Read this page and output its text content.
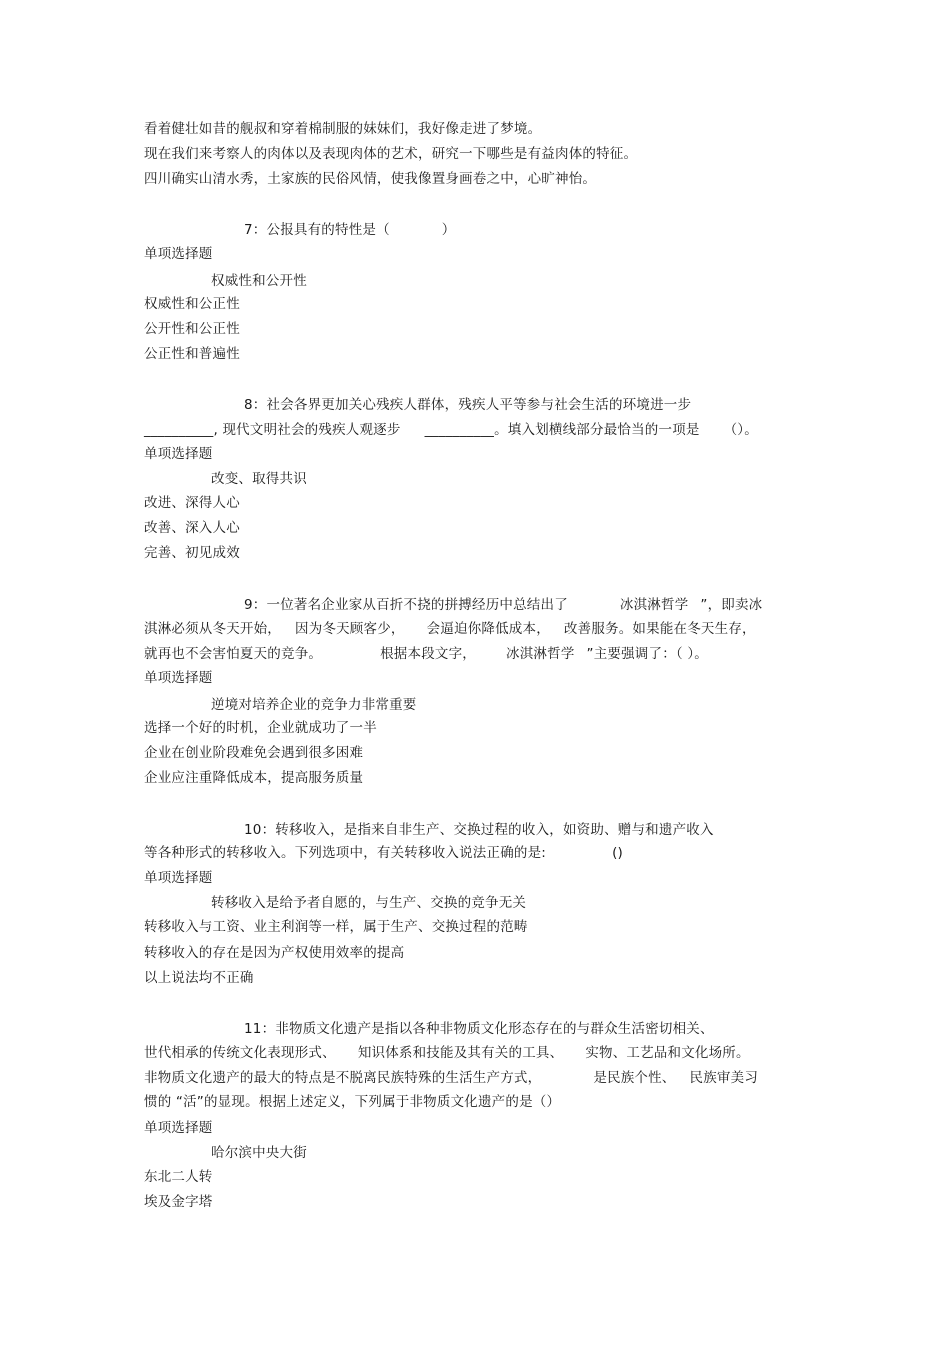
看着健壮如昔的舰叔和穿着棉制服的妹妹们，我好像走进了梦境。
现在我们来考察人的肉体以及表现肉体的艺术，研究一下哪些是有益肉体的特征。
四川确实山清水秀，土家族的民俗风情，使我像置身画卷之中，心旷神怡。
7：公报具有的特性是（	）
单项选择题
权威性和公开性
权威性和公正性
公开性和公正性
公正性和普遍性
8：社会各界更加关心残疾人群体，残疾人平等参与社会生活的环境进一步
__________, 现代文明社会的残疾人观逐步 __________。填入划横线部分最恰当的一项是 （）。
单项选择题
改变、取得共识
改进、深得人心
改善、深入人心
完善、初见成效
9：一位著名企业家从百折不挠的拼搏经历中总结出了	冰淇淋哲学 ”，即卖冰
淇淋必须从冬天开始， 因为冬天顾客少， 会逼迫你降低成本， 改善服务。如果能在冬天生存，
就再也不会害怕夏天的竞争。	根据本段文字， 冰淇淋哲学 ”主要强调了：（ ）。
单项选择题
逆境对培养企业的竞争力非常重要
选择一个好的时机，企业就成功了一半
企业在创业阶段难免会遇到很多困难
企业应注重降低成本，提高服务质量
10：转移收入，是指来自非生产、交换过程的收入，如资助、赠与和遗产收入
等各种形式的转移收入。下列选项中，有关转移收入说法正确的是:	()
单项选择题
转移收入是给予者自愿的，与生产、交换的竞争无关
转移收入与工资、业主利润等一样，属于生产、交换过程的范畴
转移收入的存在是因为产权使用效率的提高
以上说法均不正确
11：非物质文化遗产是指以各种非物质文化形态存在的与群众生活密切相关、
世代相承的传统文化表现形式、 知识体系和技能及其有关的工具、 实物、工艺品和文化场所。
非物质文化遗产的最大的特点是不脱离民族特殊的生活生产方式，	是民族个性、 民族审美习
惯的 “活”的显现。根据上述定义，下列属于非物质文化遗产的是（）
单项选择题
哈尔滨中央大街
东北二人转
埃及金字塔
